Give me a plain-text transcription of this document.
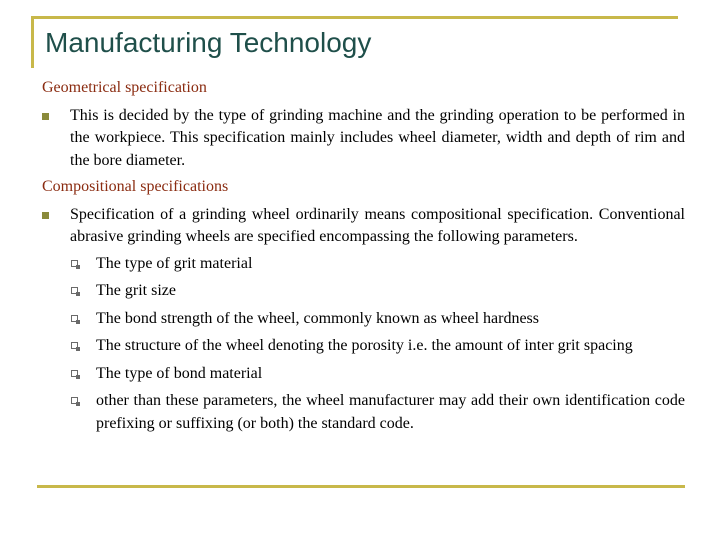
Manufacturing Technology

Geometrical specification

This is decided by the type of grinding machine and the grinding operation to be performed in the workpiece. This specification mainly includes wheel diameter, width and depth of rim and the bore diameter.

Compositional specifications

Specification of a grinding wheel ordinarily means compositional specification. Conventional abrasive grinding wheels are specified encompassing the following parameters.
The type of grit material
The grit size
The bond strength of the wheel, commonly known as wheel hardness
The structure of the wheel denoting the porosity i.e. the amount of inter grit spacing
The type of bond material
other than these parameters, the wheel manufacturer may add their own identification code prefixing or suffixing (or both) the standard code.
